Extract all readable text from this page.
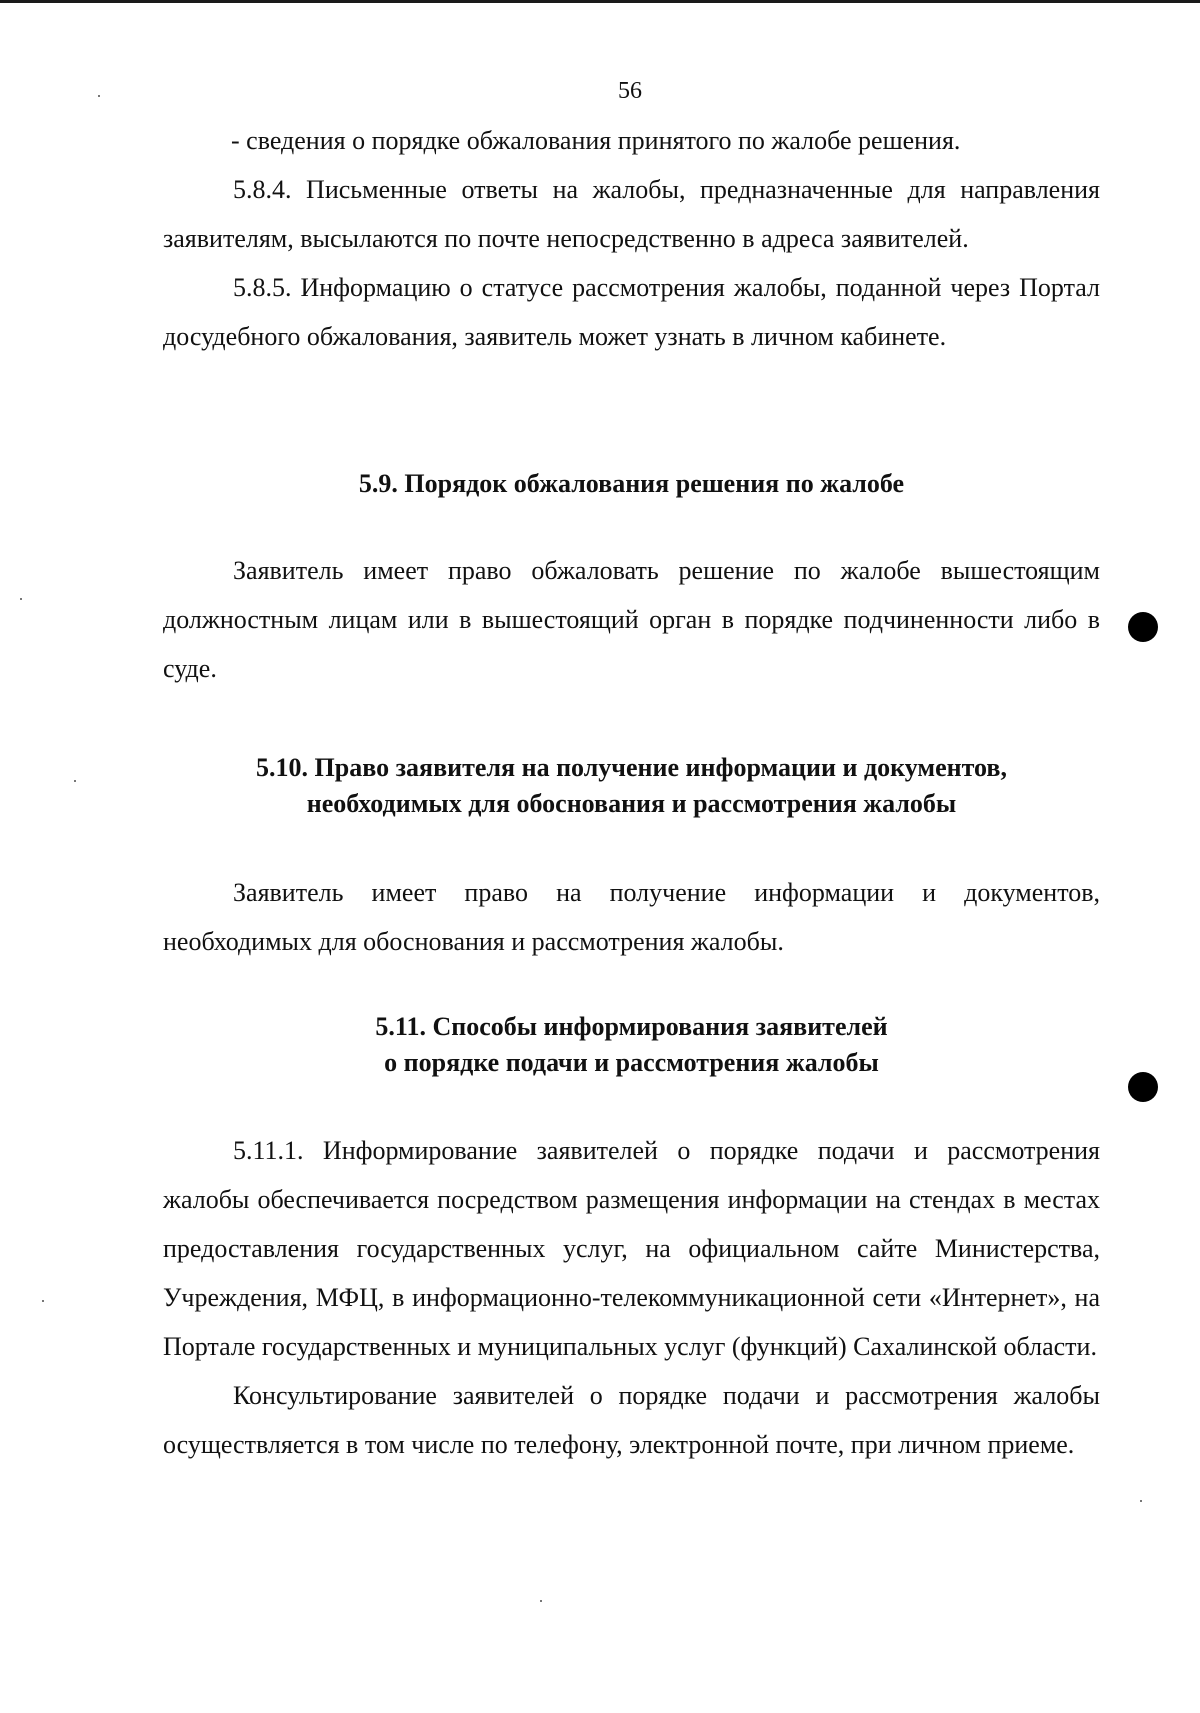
56

- сведения о порядке обжалования принятого по жалобе решения.

5.8.4. Письменные ответы на жалобы, предназначенные для направления заявителям, высылаются по почте непосредственно в адреса заявителей.

5.8.5. Информацию о статусе рассмотрения жалобы, поданной через Портал досудебного обжалования, заявитель может узнать в личном кабинете.

5.9. Порядок обжалования решения по жалобе

Заявитель имеет право обжаловать решение по жалобе вышестоящим должностным лицам или в вышестоящий орган в порядке подчиненности либо в суде.

5.10. Право заявителя на получение информации и документов,
необходимых для обоснования и рассмотрения жалобы

Заявитель имеет право на получение информации и документов, необходимых для обоснования и рассмотрения жалобы.

5.11. Способы информирования заявителей
о порядке подачи и рассмотрения жалобы

5.11.1. Информирование заявителей о порядке подачи и рассмотрения жалобы обеспечивается посредством размещения информации на стендах в местах предоставления государственных услуг, на официальном сайте Министерства, Учреждения, МФЦ, в информационно-телекоммуникационной сети «Интернет», на Портале государственных и муниципальных услуг (функций) Сахалинской области.

Консультирование заявителей о порядке подачи и рассмотрения жалобы осуществляется в том числе по телефону, электронной почте, при личном приеме.
